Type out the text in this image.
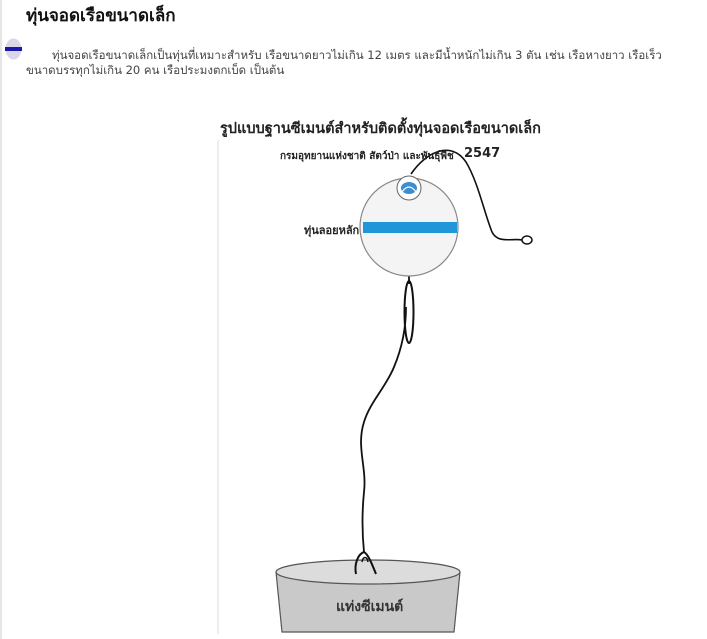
ทุ่นจอดเรือขนาดเล็ก
ทุ่นจอดเรือขนาดเล็กเป็นทุ่นที่เหมาะสำหรับ เรือขนาดยาวไม่เกิน 12 เมตร และมีน้ำหนักไม่เกิน 3 ตัน เช่น เรือหางยาว เรือเร็ว
ขนาดบรรทุกไม่เกิน 20 คน เรือประมงตกเบ็ด เป็นต้น
รูปแบบฐานซีเมนต์สำหรับติดตั้งทุ่นจอดเรือขนาดเล็ก
กรมอุทยานแห่งชาติ สัตว์ป่า และพันธุ์พืช 2547
ทุ่นลอยหลัก
แท่งซีเมนต์
